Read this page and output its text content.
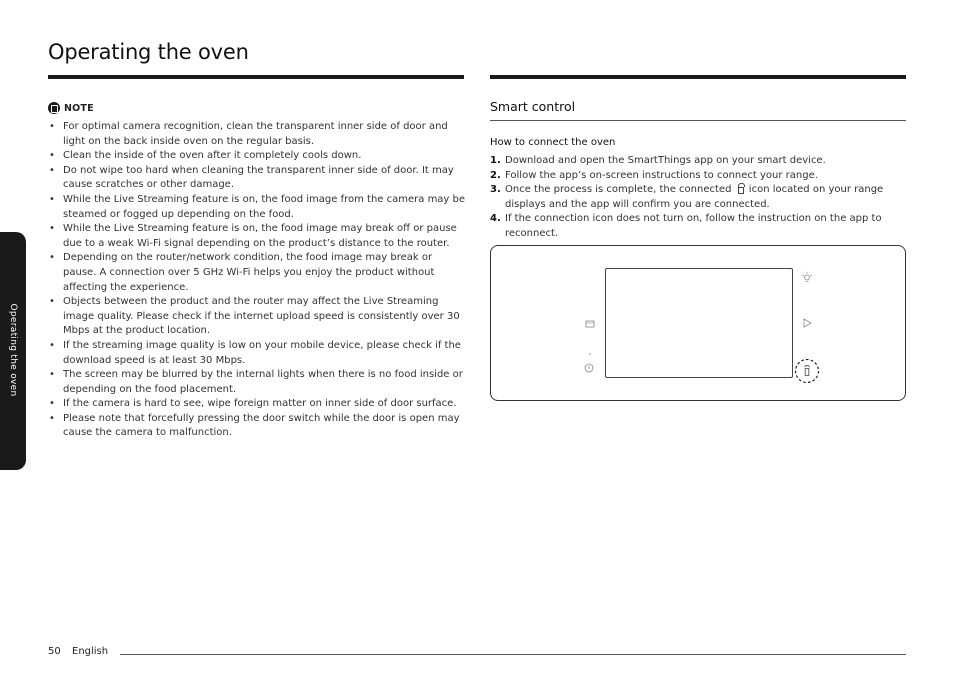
Operating the oven
Operating the oven
NOTE
• For optimal camera recognition, clean the transparent inner side of door and light on the back inside oven on the regular basis.
• Clean the inside of the oven after it completely cools down.
• Do not wipe too hard when cleaning the transparent inner side of door. It may cause scratches or other damage.
• While the Live Streaming feature is on, the food image from the camera may be steamed or fogged up depending on the food.
• While the Live Streaming feature is on, the food image may break off or pause due to a weak Wi-Fi signal depending on the product’s distance to the router.
• Depending on the router/network condition, the food image may break or pause. A connection over 5 GHz Wi-Fi helps you enjoy the product without affecting the experience.
• Objects between the product and the router may affect the Live Streaming image quality. Please check if the internet upload speed is consistently over 30 Mbps at the product location.
• If the streaming image quality is low on your mobile device, please check if the download speed is at least 30 Mbps.
• The screen may be blurred by the internal lights when there is no food inside or depending on the food placement.
• If the camera is hard to see, wipe foreign matter on inner side of door surface.
• Please note that forcefully pressing the door switch while the door is open may cause the camera to malfunction.
Smart control
How to connect the oven
1. Download and open the SmartThings app on your smart device.
2. Follow the app’s on-screen instructions to connect your range.
3. Once the process is complete, the connected icon located on your range displays and the app will confirm you are connected.
4. If the connection icon does not turn on, follow the instruction on the app to reconnect.
50 English
